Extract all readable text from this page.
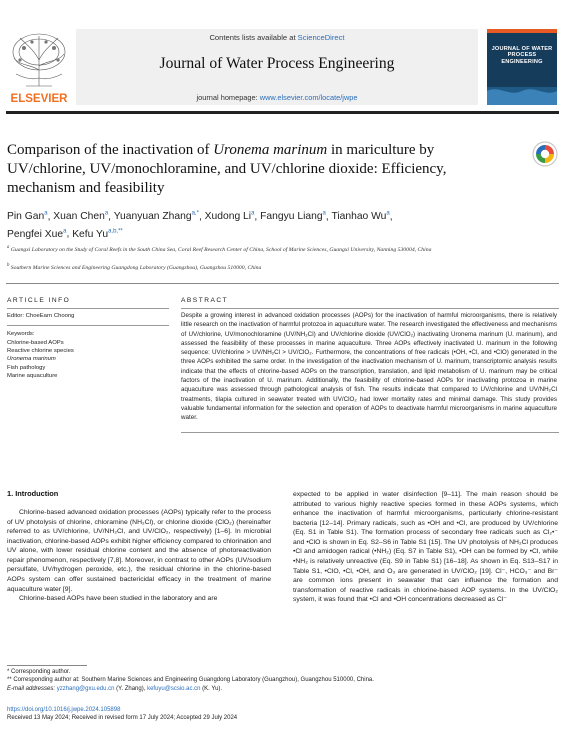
ELSEVIER
Contents lists available at ScienceDirect
Journal of Water Process Engineering
journal homepage: www.elsevier.com/locate/jwpe
JOURNAL OF WATER PROCESS ENGINEERING
Comparison of the inactivation of Uronema marinum in mariculture by UV/chlorine, UV/monochloramine, and UV/chlorine dioxide: Efficiency, mechanism and feasibility
Pin Gan$^a$, Xuan Chen$^a$, Yuanyuan Zhang$^{a,*}$, Xudong Li$^a$, Fangyu Liang$^a$, Tianhao Wu$^a$,
Pengfei Xue$^a$, Kefu $Yu^{a,b,**}$
$^a$ Guangxi Laboratory on the Study of Coral Reefs in the South China Sea, Coral Reef Research Center of China, School of Marine Sciences, Guangxi University, Nanning 530004, China
$^b$ Southern Marine Sciences and Engineering Guangdong Laboratory (Guangzhou), Guangzhou 510000, China
ARTICLE INFO
Editor: ChoeEarn Choong
Keywords:
Chlorine-based AOPs
Reactive chlorine species
Uronema marinum
Fish pathology
Marine aquaculture
ABSTRACT
Despite a growing interest in advanced oxidation processes (AOPs) for the inactivation of harmful microorganisms, there is relatively little research on the inactivation of harmful protozoa in aquaculture water. The research investigated the effectiveness and mechanisms of UV/chlorine, UV/monochloramine (UV/NH₂Cl) and UV/chlorine dioxide (UV/ClO₂) inactivating Uronema marinum (U. marinum), and assessed the feasibility of these processes in marine aquaculture. Three AOPs effectively inactivated U. marinum in the following sequence: UV/chlorine > UV/NH₂Cl > UV/ClO₂. Furthermore, the concentrations of free radicals (•OH, •Cl, and •ClO) generated in the three AOPs exhibited the same order. In the investigation of the inactivation mechanism of U. marinum, transcriptomic analysis results indicate that the effects of chlorine-based AOPs on the transcription, translation, and lipid metabolism of U. marinum may be critical factors of the inactivation of U. marinum. Additionally, the feasibility of chlorine-based AOPs for inactivating protozoa in marine aquaculture was assessed through pathological analysis of fish. The results indicate that compared to UV/chlorine and UV/NH₂Cl treatments, tilapia cultured in seawater treated with UV/ClO₂ had lower mortality rates and minimal damage. This study provides valuable fundamental information for the selection and operation of AOPs to deactivate harmful microorganisms in marine aquaculture water.
1. Introduction

Chlorine-based advanced oxidation processes (AOPs) typically refer to the process of UV photolysis of chlorine, chloramine (NH₂Cl), or chlorine dioxide (ClO₂) (hereinafter referred to as UV/chlorine, UV/NH₂Cl, and UV/ClO₂, respectively) [1–6]. In microbial inactivation, chlorine-based AOPs exhibit higher efficiency compared to chlorination and UV alone, with lower residual chlorine content and the absence of photoreactivation repair phenomenon, respectively [7,8]. Moreover, in contrast to other AOPs (UV/sodium persulfate, UV/hydrogen peroxide, etc.), the residual chlorine in the chlorine-based AOPs system can offer sustained bactericidal efficacy in the treatment of marine aquaculture water [9].

Chlorine-based AOPs have been studied in the laboratory and are

expected to be applied in water disinfection [9–11]. The main reason should be attributed to various highly reactive species formed in these AOPs systems, which enhance the inactivation of harmful microorganisms, particularly chlorine-resistant bacteria [12–14]. Primary radicals, such as •OH and •Cl, are produced by UV/chlorine (Eq. S1 in Table S1). The formation process of secondary free radicals such as Cl₂•⁻ and •ClO is shown in Eq. S2–S6 in Table S1 [15]. The UV photolysis of NH₂Cl produces •Cl and amidogen radical (•NH₂) (Eq. S7 in Table S1), •OH can be formed by •Cl, while •NH₂ is relatively unreactive (Eq. S9 in Table S1) [16–18]. As shown in Eq. S13–S17 in Table S1, •ClO, •Cl, •OH, and O₃ are generated in UV/ClO₂ [19]. Cl⁻, HCO₃⁻ and Br⁻ are common ions present in seawater that can influence the formation and transformation of reactive radicals in chlorine-based AOP systems. In the UV/ClO₂ system, it was found that •Cl and •OH concentrations decreased as Cl⁻

* Corresponding author.
** Corresponding author at: Southern Marine Sciences and Engineering Guangdong Laboratory (Guangzhou), Guangzhou 510000, China.
E-mail addresses: yzzhang@gxu.edu.cn (Y. Zhang), kefuyu@scsio.ac.cn (K. Yu).
https://doi.org/10.1016/j.jwpe.2024.105898
Received 13 May 2024; Received in revised form 17 July 2024; Accepted 29 July 2024
